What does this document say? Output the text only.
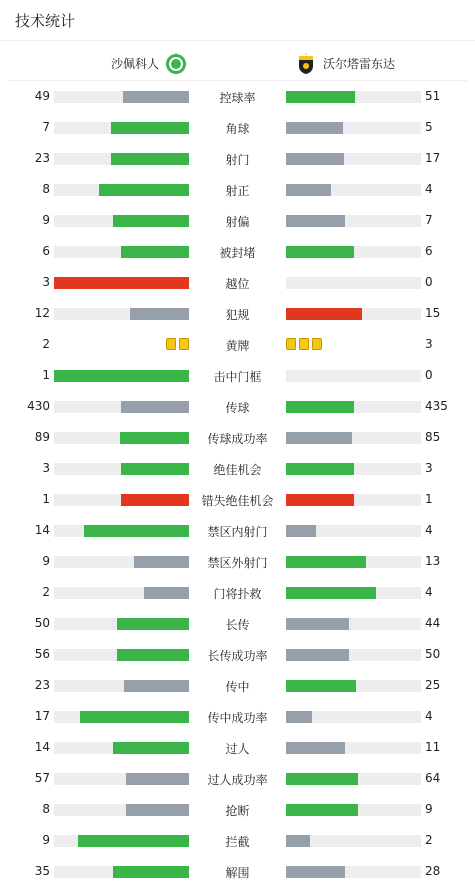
技术统计
沙佩科人	沃尔塔雷东达
49	控球率	51
7	角球	5
23	射门	17
8	射正	4
9	射偏	7
6	被封堵	6
3	越位	0
12	犯规	15
2	黄牌	3
1	击中门框	0
430	传球	435
89	传球成功率	85
3	绝佳机会	3
1	错失绝佳机会	1
14	禁区内射门	4
9	禁区外射门	13
2	门将扑救	4
50	长传	44
56	长传成功率	50
23	传中	25
17	传中成功率	4
14	过人	11
57	过人成功率	64
8	抢断	9
9	拦截	2
35	解围	28
